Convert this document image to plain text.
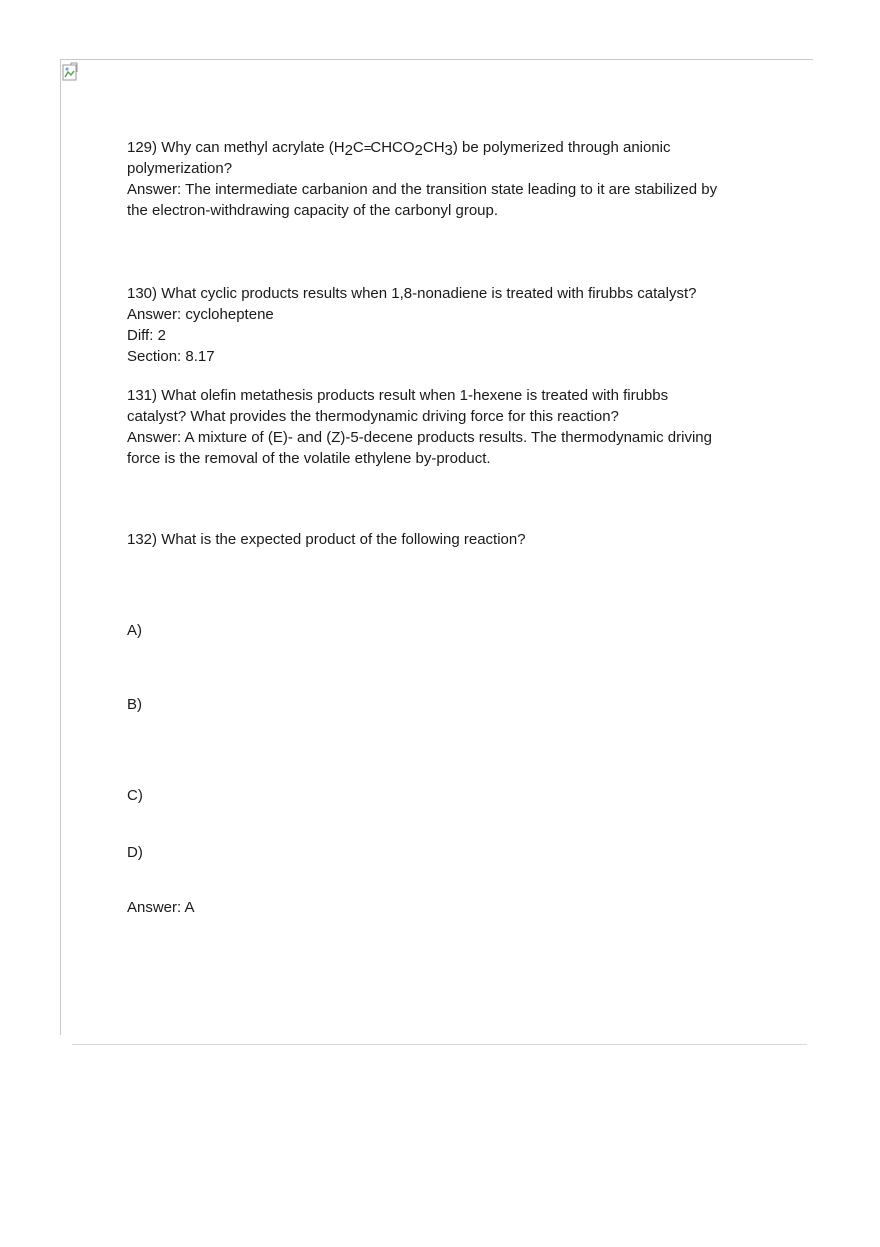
129) Why can methyl acrylate (H2C=CHCO2CH3) be polymerized through anionic
polymerization?
Answer: The intermediate carbanion and the transition state leading to it are stabilized by
the electron-withdrawing capacity of the carbonyl group.
130) What cyclic products results when 1,8-nonadiene is treated with firubbs catalyst?
Answer: cycloheptene
Diff: 2
Section: 8.17
131) What olefin metathesis products result when 1-hexene is treated with firubbs
catalyst? What provides the thermodynamic driving force for this reaction?
Answer: A mixture of (E)- and (Z)-5-decene products results. The thermodynamic driving
force is the removal of the volatile ethylene by-product.
132) What is the expected product of the following reaction?
A)
B)
C)
D)
Answer: A
